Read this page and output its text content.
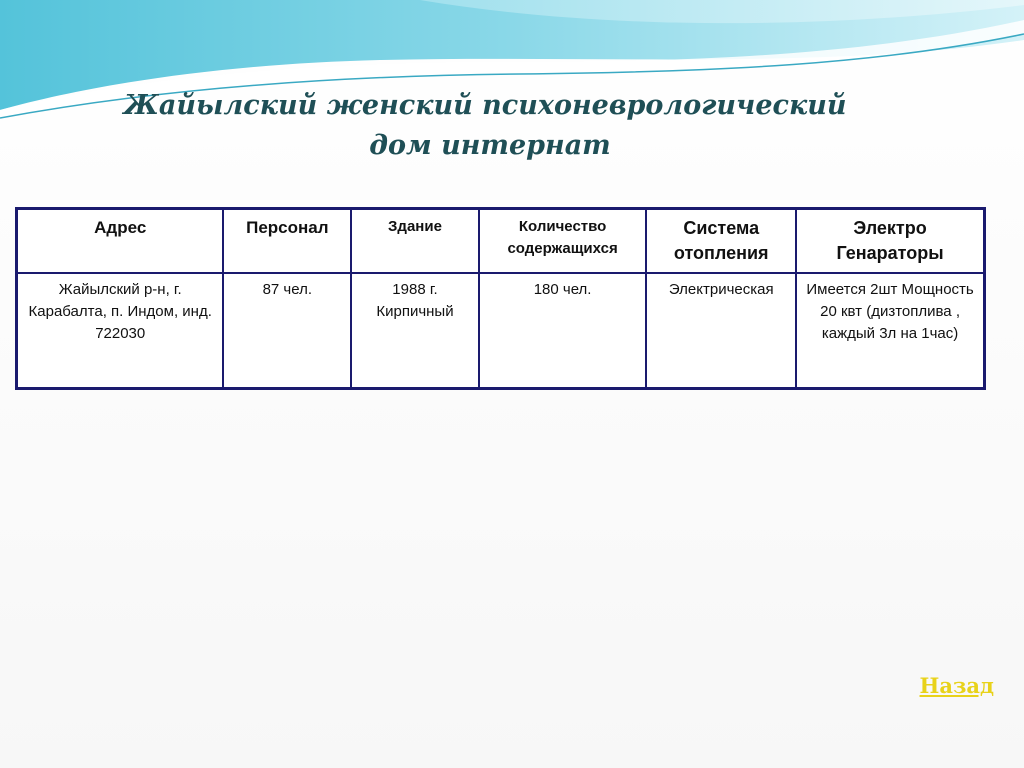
Жайылский женский психоневрологический
дом интернат
Адрес	Персонал	Здание	Количество содержащихся	Система отопления	Электро Генараторы
Жайылский р-н, г. Карабалта, п. Индом, инд. 722030	87 чел.	1988 г. Кирпичный	180 чел.	Электрическая	Имеется 2шт Мощность   20 квт (дизтоплива , каждый 3л на 1час)
Назад
